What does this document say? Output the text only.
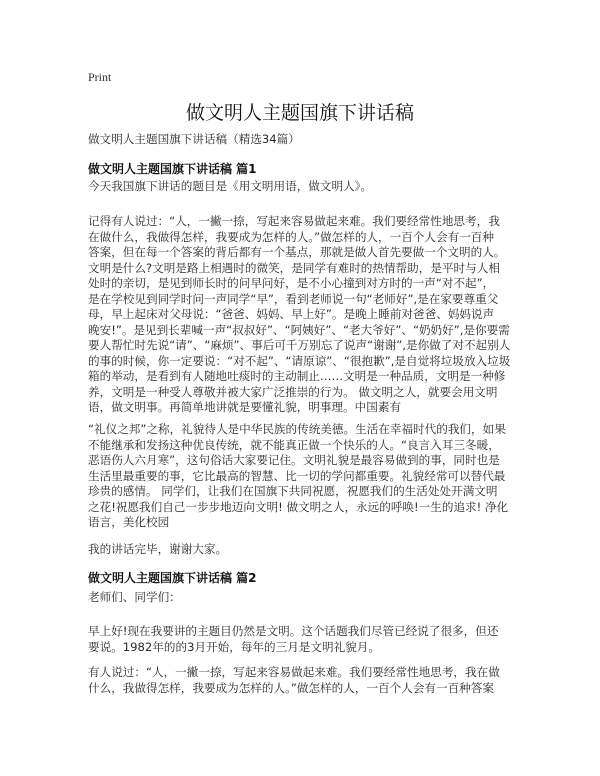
Print
做文明人主题国旗下讲话稿
做文明人主题国旗下讲话稿（精选34篇）
做文明人主题国旗下讲话稿 篇1
今天我国旗下讲话的题目是《用文明用语，做文明人》。
记得有人说过：“人，一撇一捺，写起来容易做起来难。我们要经常性地思考，我
在做什么，我做得怎样，我要成为怎样的人。”做怎样的人，一百个人会有一百种
答案，但在每一个答案的背后都有一个基点，那就是做人首先要做一个文明的人。
文明是什么?文明是路上相遇时的微笑，是同学有难时的热情帮助，是平时与人相
处时的亲切，是见到师长时的问早问好，是不小心撞到对方时的一声“对不起”，
是在学校见到同学时问一声同学“早”，看到老师说一句“老师好”,是在家要尊重父
母，早上起床对父母说：“爸爸、妈妈、早上好”。是晚上睡前对爸爸、妈妈说声
晚安!”。是见到长辈喊一声“叔叔好”、“阿姨好”、“老大爷好”、“奶奶好”,是你要需
要人帮忙时先说“请”、“麻烦”、事后可千万别忘了说声“谢谢”,是你做了对不起别人
的事的时候，你一定要说：“对不起”、“请原谅”、“很抱歉”,是自觉将垃圾放入垃圾
箱的举动，是看到有人随地吐痰时的主动制止……文明是一种品质，文明是一种修
养，文明是一种受人尊敬并被大家广泛推崇的行为。 做文明之人，就要会用文明
语，做文明事。再简单地讲就是要懂礼貌，明事理。中国素有
“礼仪之邦”之称，礼貌待人是中华民族的传统美德。生活在幸福时代的我们，如果
不能继承和发扬这种优良传统，就不能真正做一个快乐的人。“良言入耳三冬暖，
恶语伤人六月寒”，这句俗话大家要记住。文明礼貌是最容易做到的事，同时也是
生活里最重要的事，它比最高的智慧、比一切的学问都重要。礼貌经常可以替代最
珍贵的感情。 同学们，让我们在国旗下共同祝愿，祝愿我们的生活处处开满文明
之花!祝愿我们自己一步步地迈向文明! 做文明之人，永远的呼唤!一生的追求! 净化
语言，美化校园
我的讲话完毕，谢谢大家。
做文明人主题国旗下讲话稿 篇2
老师们、同学们：
早上好!现在我要讲的主题目仍然是文明。这个话题我们尽管已经说了很多，但还
要说。1982年的的3月开始，每年的三月是文明礼貌月。
有人说过：“人，一撇一捺，写起来容易做起来难。我们要经常性地思考，我在做
什么，我做得怎样，我要成为怎样的人。”做怎样的人，一百个人会有一百种答案
